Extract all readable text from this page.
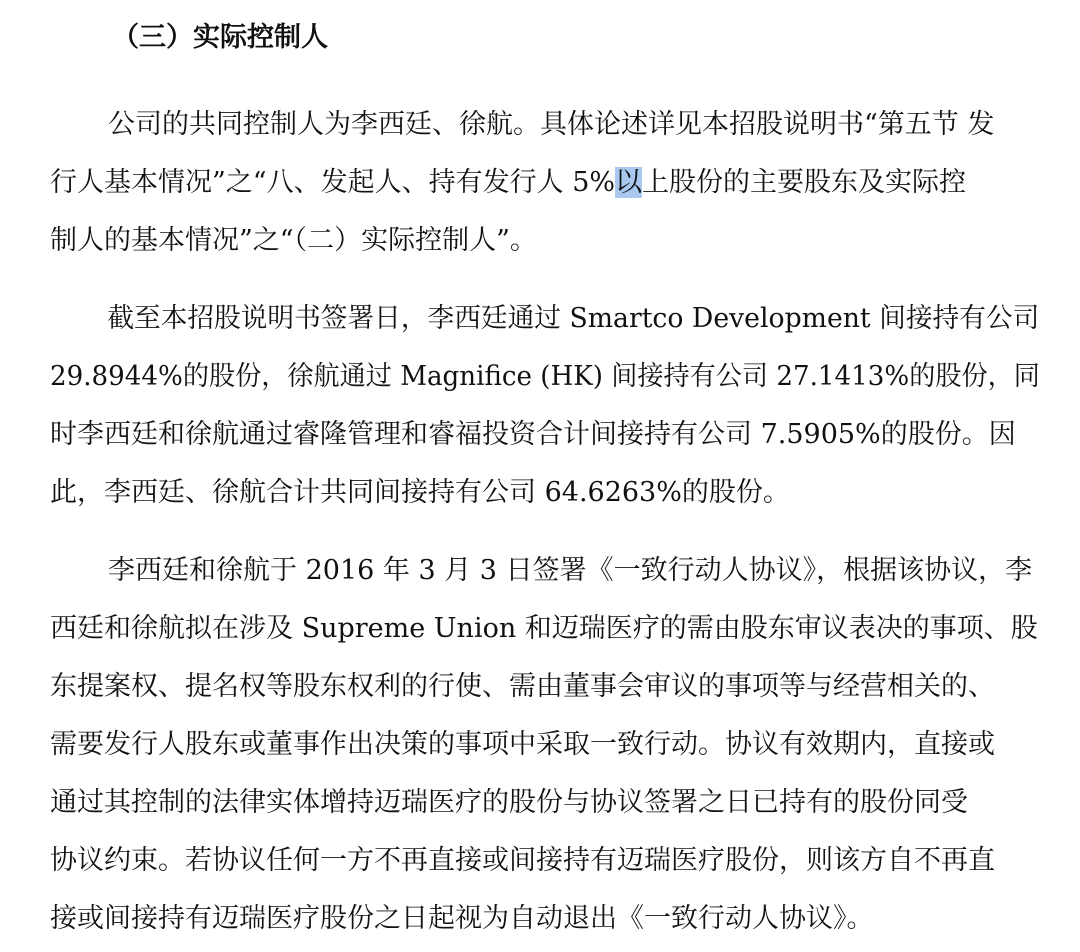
（三）实际控制人
公司的共同控制人为李西廷、徐航。具体论述详见本招股说明书“第五节 发
行人基本情况”之“八、发起人、持有发行人 5%以上股份的主要股东及实际控
制人的基本情况”之“（二）实际控制人”。
截至本招股说明书签署日，李西廷通过 Smartco Development 间接持有公司
29.8944%的股份，徐航通过 Magnifice (HK) 间接持有公司 27.1413%的股份，同
时李西廷和徐航通过睿隆管理和睿福投资合计间接持有公司 7.5905%的股份。因
此，李西廷、徐航合计共同间接持有公司 64.6263%的股份。
李西廷和徐航于 2016 年 3 月 3 日签署《一致行动人协议》，根据该协议，李
西廷和徐航拟在涉及 Supreme Union 和迈瑞医疗的需由股东审议表决的事项、股
东提案权、提名权等股东权利的行使、需由董事会审议的事项等与经营相关的、
需要发行人股东或董事作出决策的事项中采取一致行动。协议有效期内，直接或
通过其控制的法律实体增持迈瑞医疗的股份与协议签署之日已持有的股份同受
协议约束。若协议任何一方不再直接或间接持有迈瑞医疗股份，则该方自不再直
接或间接持有迈瑞医疗股份之日起视为自动退出《一致行动人协议》。
